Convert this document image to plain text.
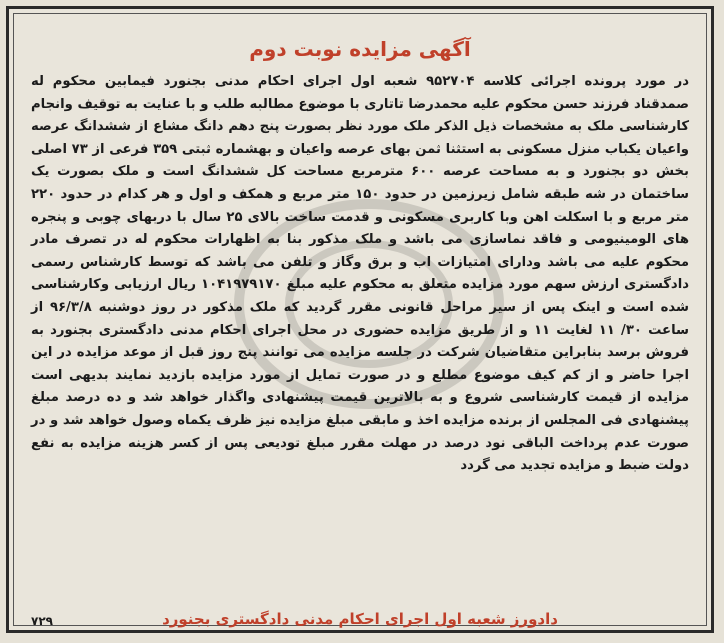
آگهی مزایده نوبت دوم

در مورد پرونده اجرائی کلاسه ۹۵۲۷۰۴ شعبه اول اجرای احکام مدنی بجنورد فیمابین محکوم له صمدقناد فرزند حسن محکوم علیه محمدرضا تاتاری با موضوع مطالبه طلب و با عنایت به توقیف وانجام کارشناسی ملک به مشخصات ذیل الذکر ملک مورد نظر بصورت پنج دهم دانگ مشاع از ششدانگ عرصه واعیان یکباب منزل مسکونی به استثنا ثمن بهای عرصه واعیان و بهشماره ثبتی ۳۵۹ فرعی از ۷۳ اصلی بخش دو بجنورد و به مساحت عرصه ۶۰۰ مترمربع مساحت کل ششدانگ است و ملک بصورت یک ساختمان در شه طبقه شامل زیرزمین در حدود ۱۵۰ متر مربع و همکف و اول و هر کدام در حدود ۲۲۰ متر مربع و با اسکلت اهن وبا کاربری مسکونی و قدمت ساخت بالای ۲۵ سال با دربهای چوبی و پنجره های الومینیومی و فاقد نماسازی می باشد و ملک مذکور بنا به اظهارات محکوم له در تصرف مادر محکوم علیه می باشد ودارای امتیازات اب و برق وگاز و تلفن می باشد که توسط کارشناس رسمی دادگستری ارزش سهم مورد مزایده متعلق به محکوم علیه مبلغ ۱۰۴۱۹۷۹۱۷۰ ریال ارزیابی وکارشناسی شده است و اینک پس از سیر مراحل قانونی مقرر گردید که ملک مذکور در روز دوشنبه ۹۶/۳/۸ از ساعت ۳۰/ ۱۱ لغایت ۱۱ و از طریق مزایده حضوری در محل اجرای احکام مدنی دادگستری بجنورد به فروش برسد بنابراین متقاضیان شرکت در جلسه مزایده می توانند پنج روز قبل از موعد مزایده در این اجرا حاضر و از کم کیف موضوع مطلع و در صورت تمایل از مورد مزایده بازدید نمایند بدیهی است مزایده از قیمت کارشناسی شروع و به بالاترین قیمت پیشنهادی واگذار خواهد شد و ده درصد مبلغ پیشنهادی فی المجلس از برنده مزایده اخذ و مابقی مبلغ مزایده نیز ظرف یکماه وصول خواهد شد و در صورت عدم پرداخت الباقی نود درصد در مهلت مقرر مبلغ تودیعی پس از کسر هزینه مزایده به نفع دولت ضبط و مزایده تجدید می گردد

دادورز شعبه اول اجرای احکام مدنی دادگستری بجنورد

۷۲۹
